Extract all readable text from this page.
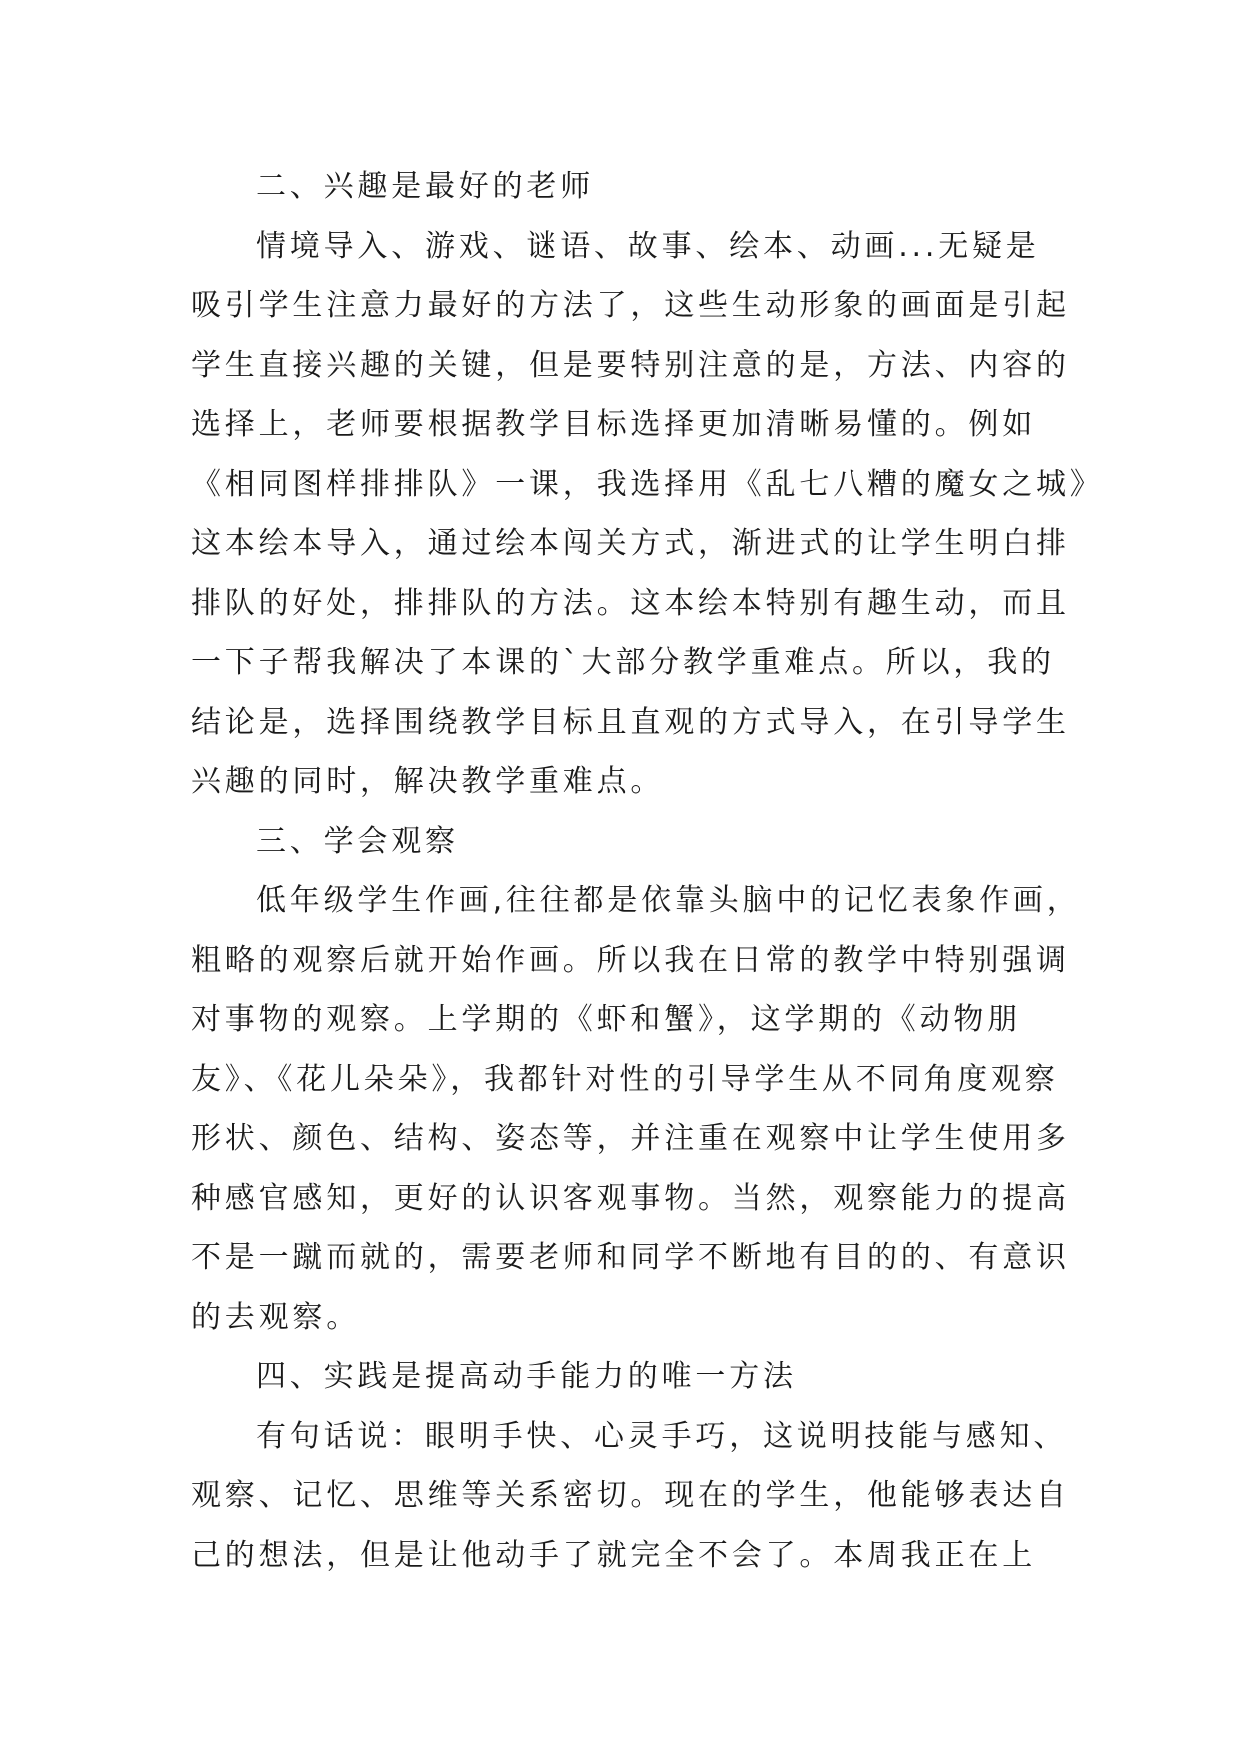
二、兴趣是最好的老师
情境导入、游戏、谜语、故事、绘本、动画...无疑是
吸引学生注意力最好的方法了，这些生动形象的画面是引起
学生直接兴趣的关键，但是要特别注意的是，方法、内容的
选择上，老师要根据教学目标选择更加清晰易懂的。例如
《相同图样排排队》一课，我选择用《乱七八糟的魔女之城》
这本绘本导入，通过绘本闯关方式，渐进式的让学生明白排
排队的好处，排排队的方法。这本绘本特别有趣生动，而且
一下子帮我解决了本课的`大部分教学重难点。所以，我的
结论是，选择围绕教学目标且直观的方式导入，在引导学生
兴趣的同时，解决教学重难点。
三、学会观察
低年级学生作画,往往都是依靠头脑中的记忆表象作画，
粗略的观察后就开始作画。所以我在日常的教学中特别强调
对事物的观察。上学期的《虾和蟹》，这学期的《动物朋
友》、《花儿朵朵》，我都针对性的引导学生从不同角度观察
形状、颜色、结构、姿态等，并注重在观察中让学生使用多
种感官感知，更好的认识客观事物。当然，观察能力的提高
不是一蹴而就的，需要老师和同学不断地有目的的、有意识
的去观察。
四、实践是提高动手能力的唯一方法
有句话说：眼明手快、心灵手巧，这说明技能与感知、
观察、记忆、思维等关系密切。现在的学生，他能够表达自
己的想法，但是让他动手了就完全不会了。本周我正在上
